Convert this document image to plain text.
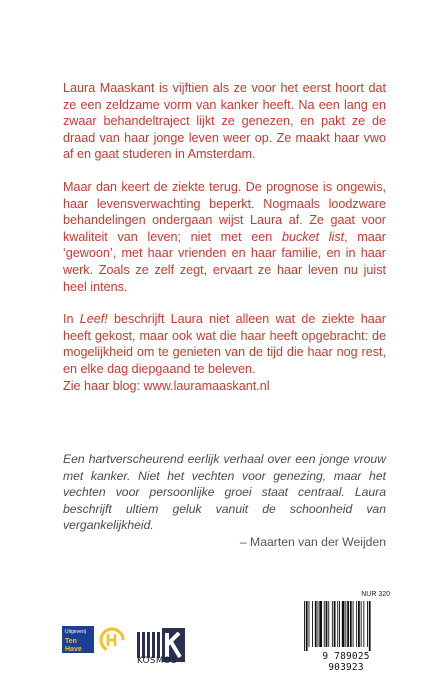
Laura Maaskant is vijftien als ze voor het eerst hoort dat ze een zeldzame vorm van kanker heeft. Na een lang en zwaar behandeltraject lijkt ze genezen, en pakt ze de draad van haar jonge leven weer op. Ze maakt haar vwo af en gaat studeren in Amsterdam.

Maar dan keert de ziekte terug. De prognose is ongewis, haar levensverwachting beperkt. Nogmaals loodzware behandelingen ondergaan wijst Laura af. Ze gaat voor kwaliteit van leven; niet met een bucket list, maar ‘gewoon’, met haar vrienden en haar familie, en in haar werk. Zoals ze zelf zegt, ervaart ze haar leven nu juist heel intens.

In Leef! beschrijft Laura niet alleen wat de ziekte haar heeft gekost, maar ook wat die haar heeft opgebracht: de mogelijkheid om te genieten van de tijd die haar nog rest, en elke dag diepgaand te beleven.

Zie haar blog: www.lauramaaskant.nl

Een hartverscheurend eerlijk verhaal over een jonge vrouw met kanker. Niet het vechten voor genezing, maar het vechten voor persoonlijke groei staat centraal. Laura beschrijft ultiem geluk vanuit de schoonheid van vergankelijkheid.
– Maarten van der Weijden
Uitgeverij
Ten Have
KOSMOS
NUR 320
9 789025 903923
